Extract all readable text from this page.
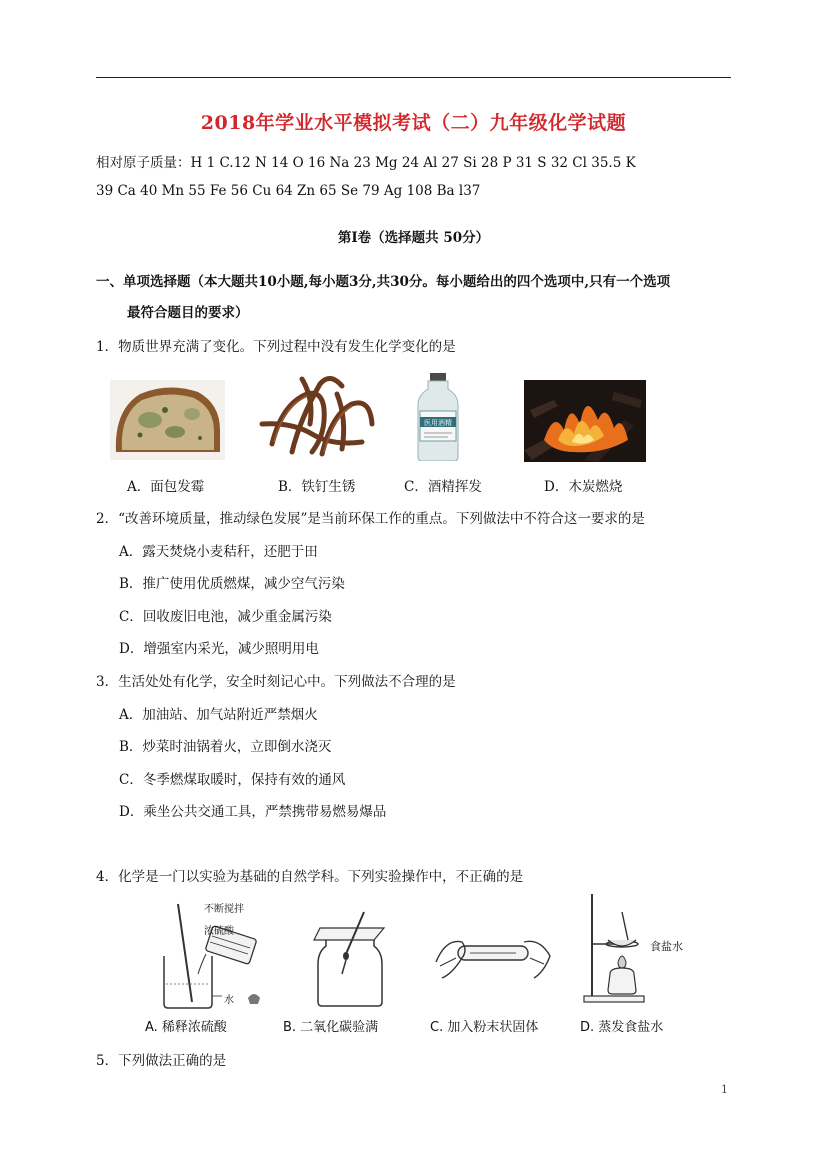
2018年学业水平模拟考试（二）九年级化学试题
相对原子质量：H 1 C.12 N 14 O 16 Na 23 Mg 24 Al 27 Si 28 P 31 S 32 Cl 35.5 K
39 Ca 40 Mn 55 Fe 56 Cu 64 Zn 65 Se 79 Ag 108 Ba l37
第Ⅰ卷（选择题共 50分）
一、单项选择题（本大题共10小题,每小题3分,共30分。每小题给出的四个选项中,只有一个选项
最符合题目的要求）
1．物质世界充满了变化。下列过程中没有发生化学变化的是
医用酒精
A．面包发霉	B．铁钉生锈	C．酒精挥发	D．木炭燃烧
2．“改善环境质量，推动绿色发展”是当前环保工作的重点。下列做法中不符合这一要求的是
A．露天焚烧小麦秸秆，还肥于田
B．推广使用优质燃煤，减少空气污染
C．回收废旧电池，减少重金属污染
D．增强室内采光，减少照明用电
3．生活处处有化学，安全时刻记心中。下列做法不合理的是
A．加油站、加气站附近严禁烟火
B．炒菜时油锅着火，立即倒水浇灭
C．冬季燃煤取暖时，保持有效的通风
D．乘坐公共交通工具，严禁携带易燃易爆品
4．化学是一门以实验为基础的自然学科。下列实验操作中，不正确的是
不断搅拌
浓硫酸
水
食盐水
A. 稀释浓硫酸	B. 二氧化碳验满	C. 加入粉末状固体	D. 蒸发食盐水
5．下列做法正确的是
1
